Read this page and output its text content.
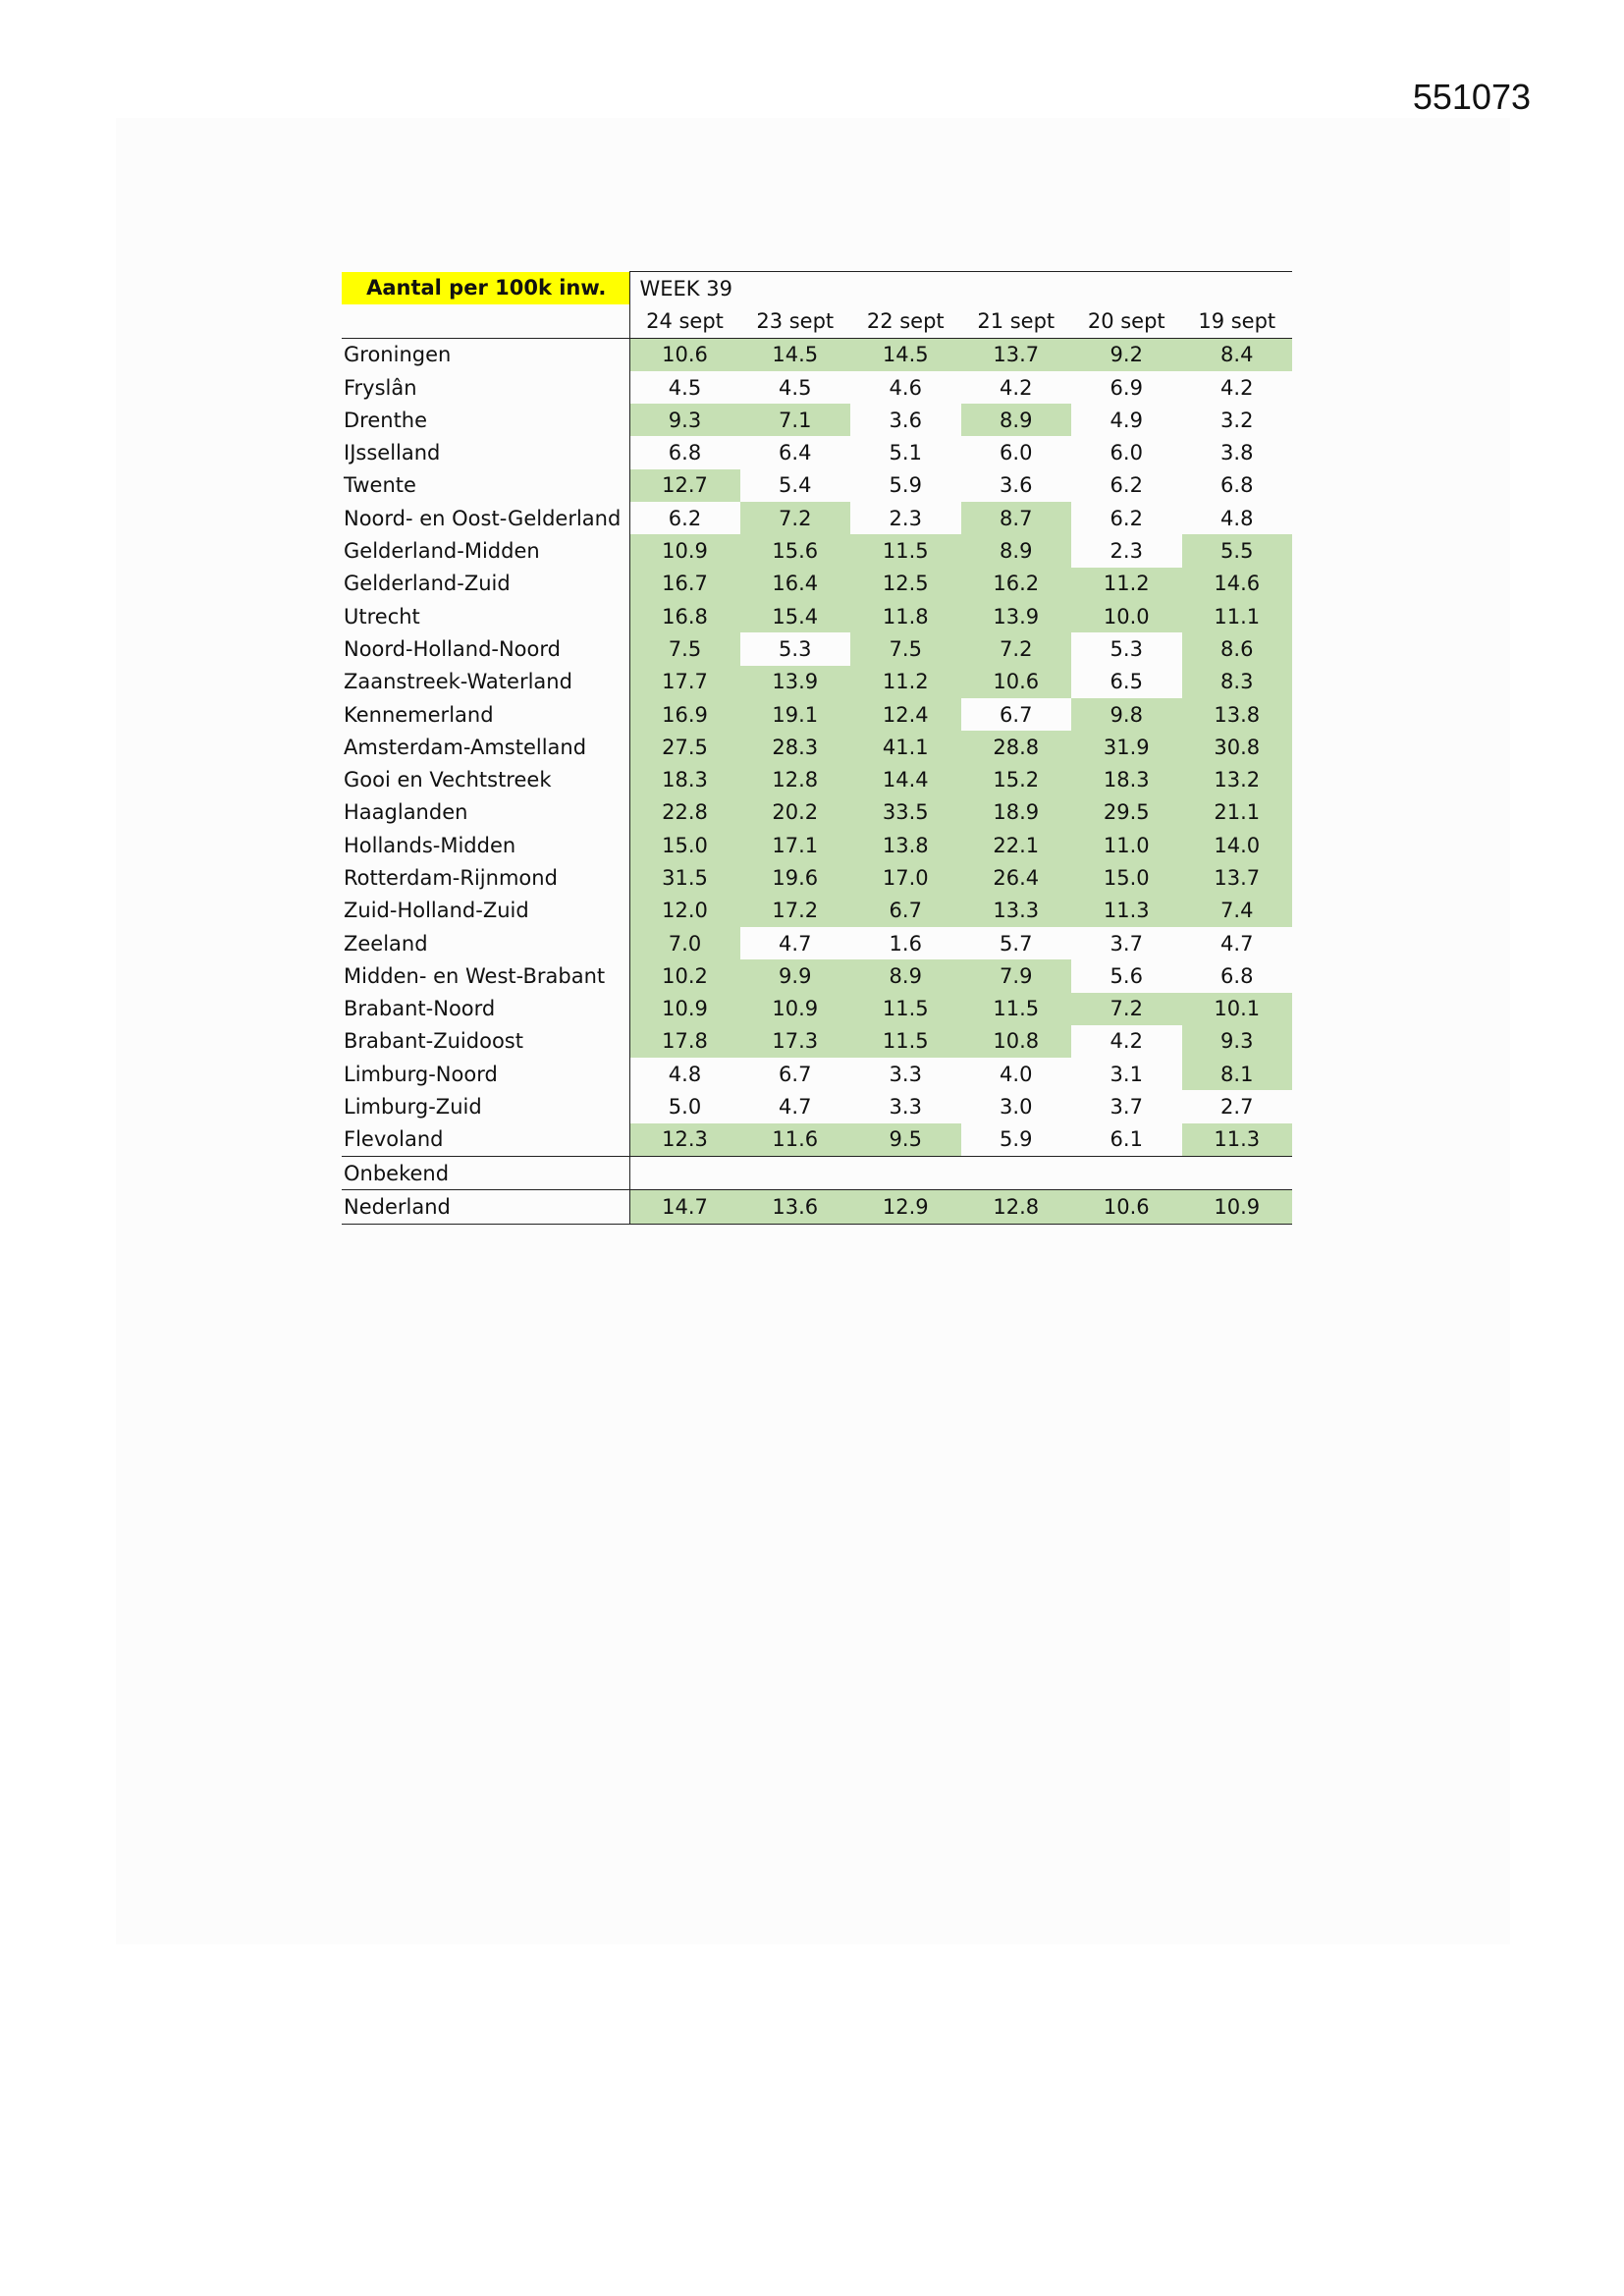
551073
Aantal per 100k inw.	WEEK 39					
	24 sept	23 sept	22 sept	21 sept	20 sept	19 sept
Groningen	10.6	14.5	14.5	13.7	9.2	8.4
Fryslân	4.5	4.5	4.6	4.2	6.9	4.2
Drenthe	9.3	7.1	3.6	8.9	4.9	3.2
IJsselland	6.8	6.4	5.1	6.0	6.0	3.8
Twente	12.7	5.4	5.9	3.6	6.2	6.8
Noord- en Oost-Gelderland	6.2	7.2	2.3	8.7	6.2	4.8
Gelderland-Midden	10.9	15.6	11.5	8.9	2.3	5.5
Gelderland-Zuid	16.7	16.4	12.5	16.2	11.2	14.6
Utrecht	16.8	15.4	11.8	13.9	10.0	11.1
Noord-Holland-Noord	7.5	5.3	7.5	7.2	5.3	8.6
Zaanstreek-Waterland	17.7	13.9	11.2	10.6	6.5	8.3
Kennemerland	16.9	19.1	12.4	6.7	9.8	13.8
Amsterdam-Amstelland	27.5	28.3	41.1	28.8	31.9	30.8
Gooi en Vechtstreek	18.3	12.8	14.4	15.2	18.3	13.2
Haaglanden	22.8	20.2	33.5	18.9	29.5	21.1
Hollands-Midden	15.0	17.1	13.8	22.1	11.0	14.0
Rotterdam-Rijnmond	31.5	19.6	17.0	26.4	15.0	13.7
Zuid-Holland-Zuid	12.0	17.2	6.7	13.3	11.3	7.4
Zeeland	7.0	4.7	1.6	5.7	3.7	4.7
Midden- en West-Brabant	10.2	9.9	8.9	7.9	5.6	6.8
Brabant-Noord	10.9	10.9	11.5	11.5	7.2	10.1
Brabant-Zuidoost	17.8	17.3	11.5	10.8	4.2	9.3
Limburg-Noord	4.8	6.7	3.3	4.0	3.1	8.1
Limburg-Zuid	5.0	4.7	3.3	3.0	3.7	2.7
Flevoland	12.3	11.6	9.5	5.9	6.1	11.3
Onbekend						
Nederland	14.7	13.6	12.9	12.8	10.6	10.9
